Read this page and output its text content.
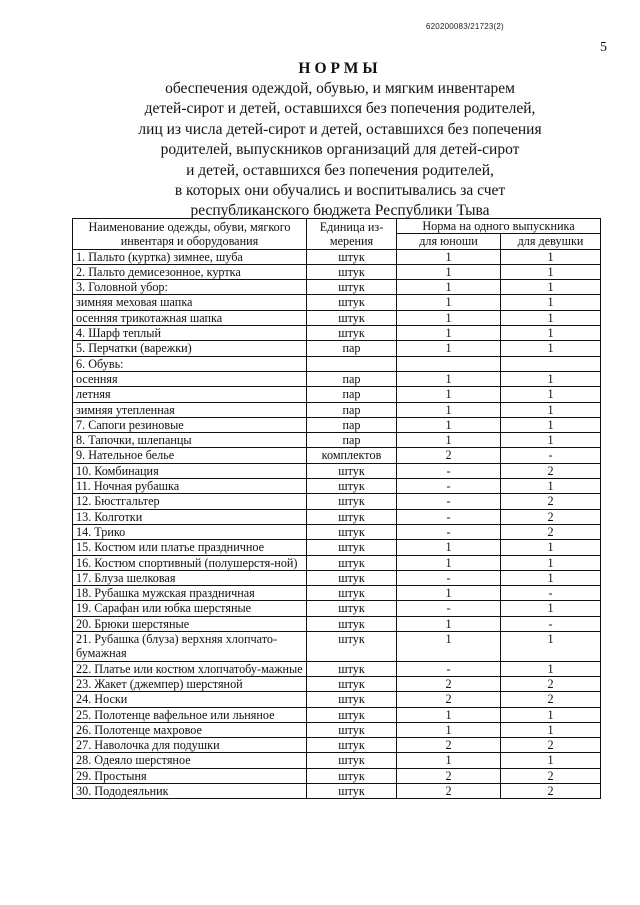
620200083/21723(2)
5
НОРМЫ
обеспечения одеждой, обувью, и мягким инвентарем
детей-сирот и детей, оставшихся без попечения родителей,
лиц из числа детей-сирот и детей, оставшихся без попечения
родителей, выпускников организаций для детей-сирот
и детей, оставшихся без попечения родителей,
в которых они обучались и воспитывались за счет
республиканского бюджета Республики Тыва
Наименование одежды, обуви, мягкого инвентаря и оборудования	Единица из-мерения	Норма на одного выпускника	
		для юноши	для девушки
1. Пальто (куртка) зимнее, шуба	штук	1	1
2. Пальто демисезонное, куртка	штук	1	1
3. Головной убор:	штук	1	1
зимняя меховая шапка	штук	1	1
осенняя трикотажная шапка	штук	1	1
4. Шарф теплый	штук	1	1
5. Перчатки (варежки)	пар	1	1
6. Обувь:			
осенняя	пар	1	1
летняя	пар	1	1
зимняя утепленная	пар	1	1
7. Сапоги резиновые	пар	1	1
8. Тапочки, шлепанцы	пар	1	1
9. Нательное белье	комплектов	2	-
10. Комбинация	штук	-	2
11. Ночная рубашка	штук	-	1
12. Бюстгальтер	штук	-	2
13. Колготки	штук	-	2
14. Трико	штук	-	2
15. Костюм или платье праздничное	штук	1	1
16. Костюм спортивный (полушерстя-ной)	штук	1	1
17. Блуза шелковая	штук	-	1
18. Рубашка мужская праздничная	штук	1	-
19. Сарафан или юбка шерстяные	штук	-	1
20. Брюки шерстяные	штук	1	-
21. Рубашка (блуза) верхняя хлопчато-бумажная	штук	1	1
22. Платье или костюм хлопчатобу-мажные	штук	-	1
23. Жакет (джемпер) шерстяной	штук	2	2
24. Носки	штук	2	2
25. Полотенце вафельное или льняное	штук	1	1
26. Полотенце махровое	штук	1	1
27. Наволочка для подушки	штук	2	2
28. Одеяло шерстяное	штук	1	1
29. Простыня	штук	2	2
30. Пододеяльник	штук	2	2
